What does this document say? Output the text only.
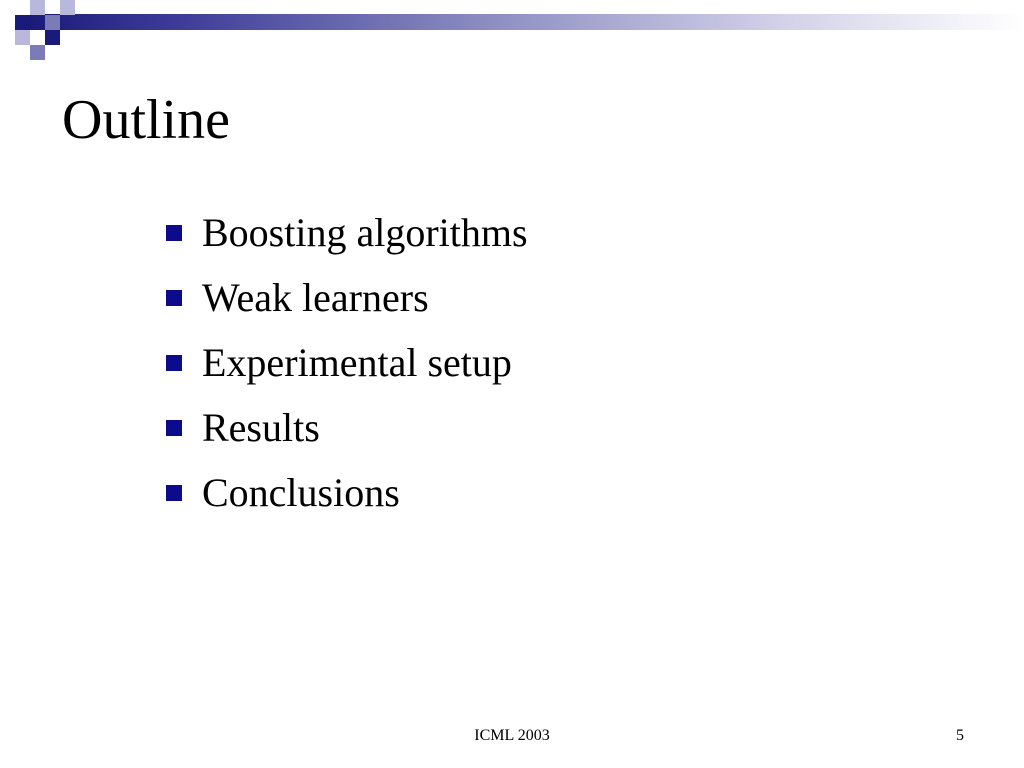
Outline
Boosting algorithms
Weak learners
Experimental setup
Results
Conclusions
ICML 2003	5
